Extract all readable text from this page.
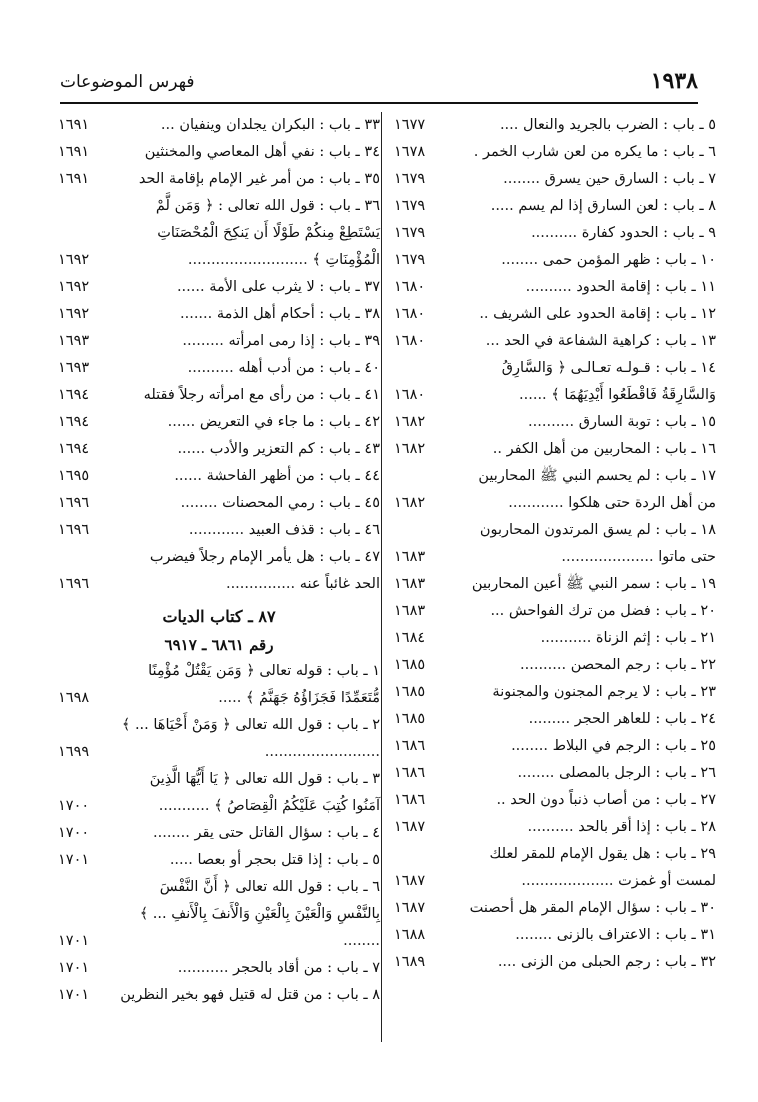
١٩٣٨
فهرس الموضوعات
٥ ـ باب : الضرب بالجريد والنعال ....
١٦٧٧
٦ ـ باب : ما يكره من لعن شارب الخمر .
١٦٧٨
٧ ـ باب : السارق حين يسرق ........
١٦٧٩
٨ ـ باب : لعن السارق إذا لم يسم .....
١٦٧٩
٩ ـ باب : الحدود كفارة ..........
١٦٧٩
١٠ ـ باب : ظهر المؤمن حمى ........
١٦٧٩
١١ ـ باب : إقامة الحدود ..........
١٦٨٠
١٢ ـ باب : إقامة الحدود على الشريف ..
١٦٨٠
١٣ ـ باب : كراهية الشفاعة في الحد ...
١٦٨٠
١٤ ـ باب : قـولـه تعـالـى ﴿ وَالسَّارِقُ وَالسَّارِقَةُ فَاقْطَعُوا أَيْدِيَهُمَا ﴾ ......
١٦٨٠
١٥ ـ باب : توبة السارق ..........
١٦٨٢
١٦ ـ باب : المحاربين من أهل الكفر ..
١٦٨٢
١٧ ـ باب : لم يحسم النبي ﷺ المحاربين من أهل الردة حتى هلكوا ............
١٦٨٢
١٨ ـ باب : لم يسق المرتدون المحاربون حتى ماتوا ....................
١٦٨٣
١٩ ـ باب : سمر النبي ﷺ أعين المحاربين
١٦٨٣
٢٠ ـ باب : فضل من ترك الفواحش ...
١٦٨٣
٢١ ـ باب : إثم الزناة ...........
١٦٨٤
٢٢ ـ باب : رجم المحصن ..........
١٦٨٥
٢٣ ـ باب : لا يرجم المجنون والمجنونة
١٦٨٥
٢٤ ـ باب : للعاهر الحجر .........
١٦٨٥
٢٥ ـ باب : الرجم في البلاط ........
١٦٨٦
٢٦ ـ باب : الرجل بالمصلى ........
١٦٨٦
٢٧ ـ باب : من أصاب ذنباً دون الحد ..
١٦٨٦
٢٨ ـ باب : إذا أقر بالحد ..........
١٦٨٧
٢٩ ـ باب : هل يقول الإمام للمقر لعلك لمست أو غمزت ....................
١٦٨٧
٣٠ ـ باب : سؤال الإمام المقر هل أحصنت
١٦٨٧
٣١ ـ باب : الاعتراف بالزنى ........
١٦٨٨
٣٢ ـ باب : رجم الحبلى من الزنى ....
١٦٨٩
٣٣ ـ باب : البكران يجلدان وينفيان ...
١٦٩١
٣٤ ـ باب : نفي أهل المعاصي والمخنثين
١٦٩١
٣٥ ـ باب : من أمر غير الإمام بإقامة الحد
١٦٩١
٣٦ ـ باب : قول الله تعالى : ﴿ وَمَن لَّمْ يَسْتَطِعْ مِنكُمْ طَوْلًا أَن يَنكِحَ الْمُحْصَنَاتِ الْمُؤْمِنَاتِ ﴾ ..........................
١٦٩٢
٣٧ ـ باب : لا يثرب على الأمة ......
١٦٩٢
٣٨ ـ باب : أحكام أهل الذمة .......
١٦٩٢
٣٩ ـ باب : إذا رمى امرأته .........
١٦٩٣
٤٠ ـ باب : من أدب أهله ..........
١٦٩٣
٤١ ـ باب : من رأى مع امرأته رجلاً فقتله
١٦٩٤
٤٢ ـ باب : ما جاء في التعريض ......
١٦٩٤
٤٣ ـ باب : كم التعزير والأدب ......
١٦٩٤
٤٤ ـ باب : من أظهر الفاحشة ......
١٦٩٥
٤٥ ـ باب : رمي المحصنات ........
١٦٩٦
٤٦ ـ باب : قذف العبيد ............
١٦٩٦
٤٧ ـ باب : هل يأمر الإمام رجلاً فيضرب الحد غائباً عنه ...............
١٦٩٦
٨٧ ـ كتاب الديات
رقم ٦٨٦١ ـ ٦٩١٧
١ ـ باب : قوله تعالى ﴿ وَمَن يَقْتُلْ مُؤْمِنًا مُّتَعَمِّدًا فَجَزَاؤُهُ جَهَنَّمُ ﴾ .....
١٦٩٨
٢ ـ باب : قول الله تعالى ﴿ وَمَنْ أَحْيَاهَا ... ﴾ .........................
١٦٩٩
٣ ـ باب : قول الله تعالى ﴿ يَا أَيُّهَا الَّذِينَ آمَنُوا كُتِبَ عَلَيْكُمُ الْقِصَاصُ ﴾ ...........
١٧٠٠
٤ ـ باب : سؤال القاتل حتى يقر ........
١٧٠٠
٥ ـ باب : إذا قتل بحجر أو بعصا .....
١٧٠١
٦ ـ باب : قول الله تعالى ﴿ أَنَّ النَّفْسَ بِالنَّفْسِ وَالْعَيْنَ بِالْعَيْنِ وَالْأَنفَ بِالْأَنفِ ... ﴾ ........
١٧٠١
٧ ـ باب : من أقاد بالحجر ...........
١٧٠١
٨ ـ باب : من قتل له قتيل فهو بخير النظرين
١٧٠١
